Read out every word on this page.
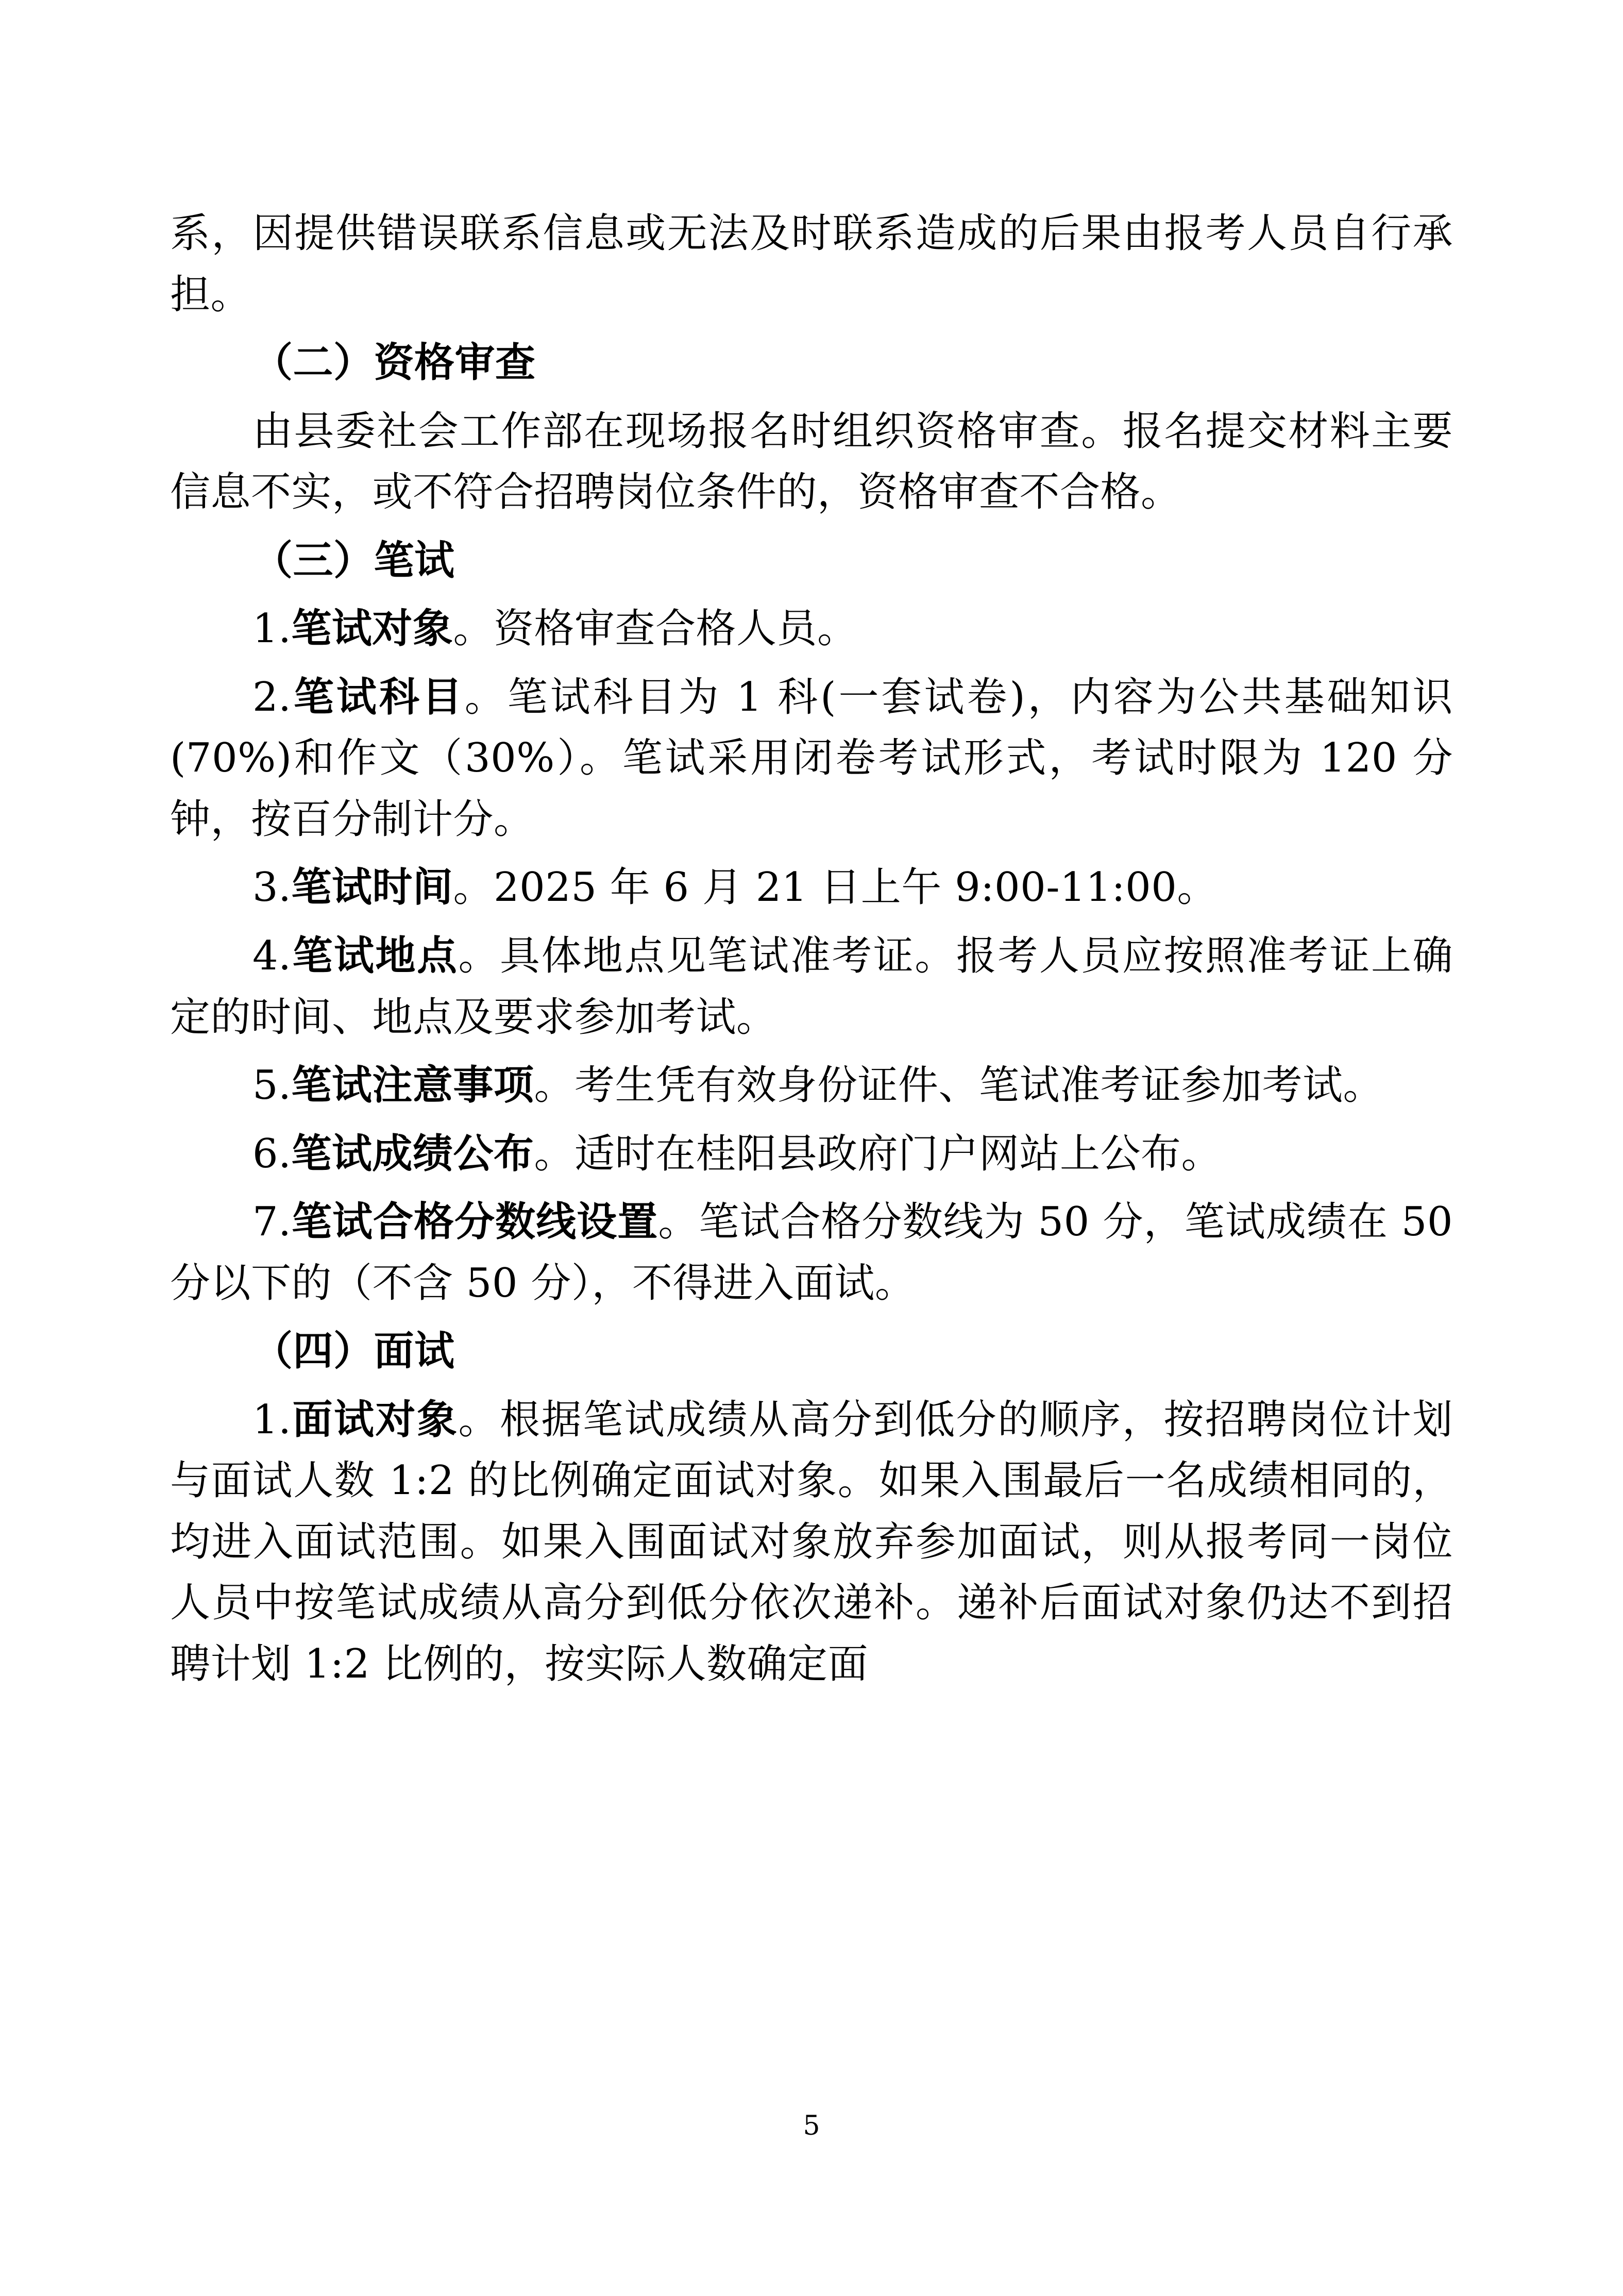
系，因提供错误联系信息或无法及时联系造成的后果由报考人员自行承担。

（二）资格审查

由县委社会工作部在现场报名时组织资格审查。报名提交材料主要信息不实，或不符合招聘岗位条件的，资格审查不合格。

（三）笔试

1.笔试对象。资格审查合格人员。

2.笔试科目。笔试科目为 1 科(一套试卷)，内容为公共基础知识(70%)和作文（30%）。笔试采用闭卷考试形式，考试时限为 120 分钟，按百分制计分。

3.笔试时间。2025 年 6 月 21 日上午 9:00-11:00。

4.笔试地点。具体地点见笔试准考证。报考人员应按照准考证上确定的时间、地点及要求参加考试。

5.笔试注意事项。考生凭有效身份证件、笔试准考证参加考试。

6.笔试成绩公布。适时在桂阳县政府门户网站上公布。

7.笔试合格分数线设置。笔试合格分数线为 50 分，笔试成绩在 50 分以下的（不含 50 分），不得进入面试。

（四）面试

1.面试对象。根据笔试成绩从高分到低分的顺序，按招聘岗位计划与面试人数 1:2 的比例确定面试对象。如果入围最后一名成绩相同的，均进入面试范围。如果入围面试对象放弃参加面试，则从报考同一岗位人员中按笔试成绩从高分到低分依次递补。递补后面试对象仍达不到招聘计划 1:2 比例的，按实际人数确定面

5
